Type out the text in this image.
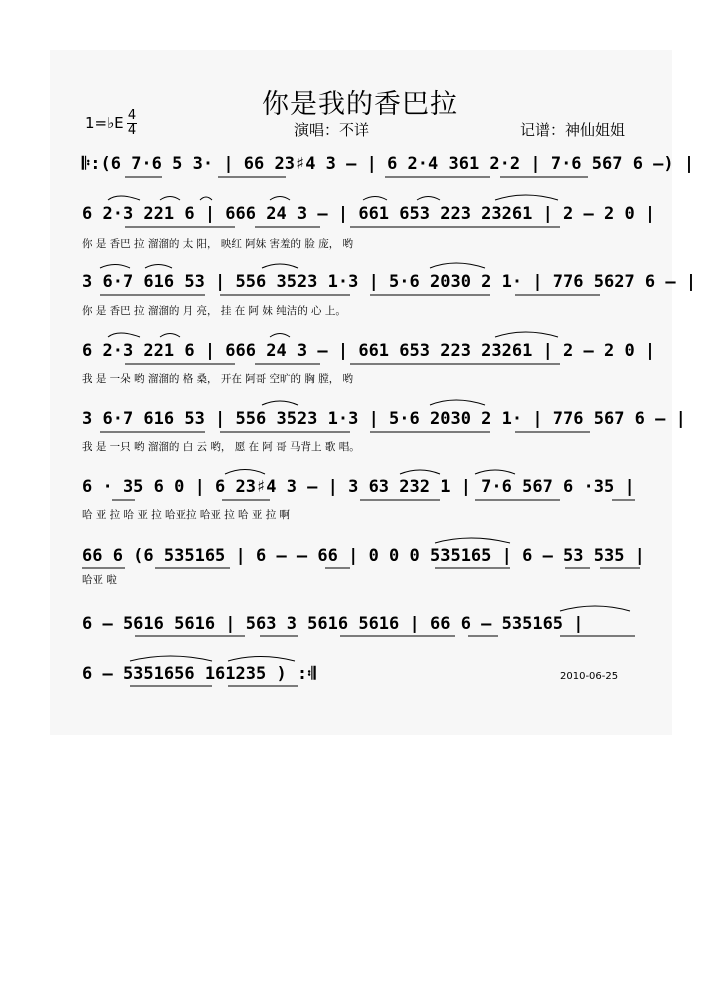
你是我的香巴拉
1=♭E 4
4	演唱：不详	记谱：神仙姐姐
𝄆:(6 7·6 5 3· | 66 23♯4 3 – | 6 2·4 361 2·2 | 7·6 567 6 –) |
6 2·3 221 6 | 666 24 3 – | 661 653 223 23261 | 2 – 2 0 |
你 是 香巴 拉 溜溜的 太 阳， 映红 阿妹 害羞的 脸 庞， 哟
3 6·7 616 53 | 556 3523 1·3 | 5·6 2030 2 1· | 776 5627 6 – |
你 是 香巴 拉 溜溜的 月 亮， 挂 在 阿 妹 纯洁的 心 上。
6 2·3 221 6 | 666 24 3 – | 661 653 223 23261 | 2 – 2 0 |
我 是 一朵 哟 溜溜的 格 桑， 开在 阿哥 空旷的 胸 膛， 哟
3 6·7 616 53 | 556 3523 1·3 | 5·6 2030 2 1· | 776 567 6 – |
我 是 一只 哟 溜溜的 白 云 哟， 愿 在 阿 哥 马背上 歌 唱。
6 · 35 6 0 | 6 23♯4 3 – | 3 63 232 1 | 7·6 567 6 ·35 |
哈 亚 拉 哈 亚 拉 哈亚拉 哈亚 拉 哈 亚 拉 啊
66 6 (6 535165 | 6 – – 66 | 0 0 0 535165 | 6 – 53 535 |
哈亚 啦
6 – 5616 5616 | 563 3 5616 5616 | 66 6 – 535165 |
6 – 5351656 161235 ) :𝄇	2010-06-25
